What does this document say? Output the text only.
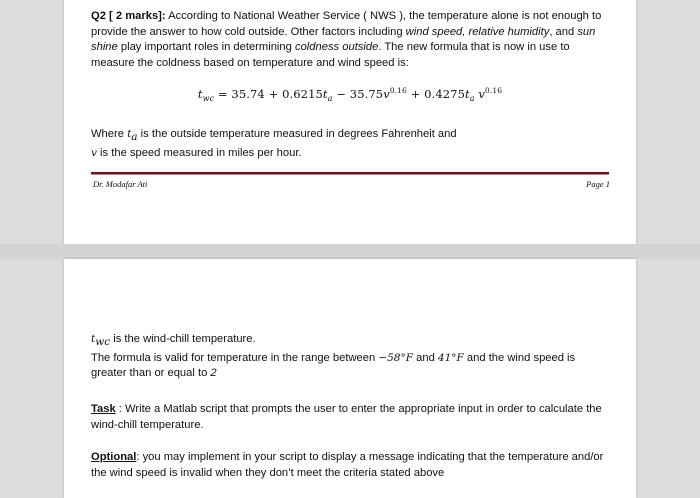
Q2 [ 2 marks]: According to National Weather Service ( NWS ), the temperature alone is not enough to provide the answer to how cold outside. Other factors including wind speed, relative humidity, and sun shine play important roles in determining coldness outside. The new formula that is now in use to measure the coldness based on temperature and wind speed is:
$t_{wc} = 35.74 + 0.6215t_a - 35.75v^{0.16} + 0.4275t_a$ $v^{0.16}$
Where $t_a$ is the outside temperature measured in degrees Fahrenheit and
v is the speed measured in miles per hour.
Dr. Modafar Ati	Page 1
$t_{wc}$ is the wind-chill temperature.
The formula is valid for temperature in the range between −58°F and 41°F and the wind speed is greater than or equal to 2
Task : Write a Matlab script that prompts the user to enter the appropriate input in order to calculate the wind-chill temperature.
Optional: you may implement in your script to display a message indicating that the temperature and/or the wind speed is invalid when they don’t meet the criteria stated above
